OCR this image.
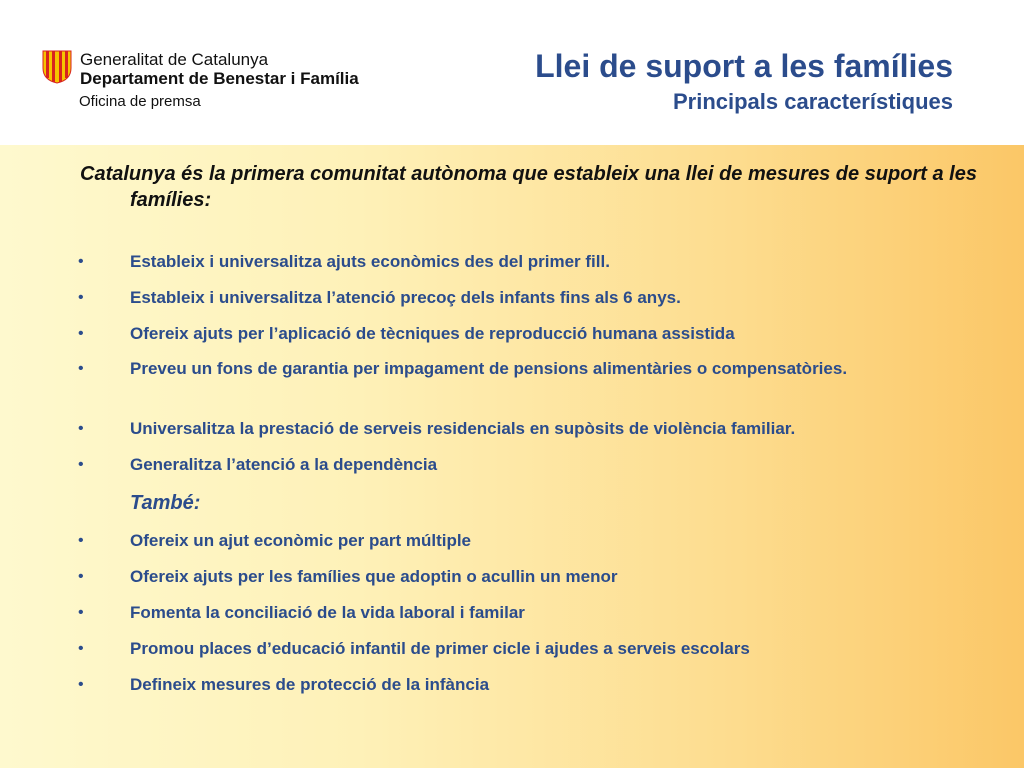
Generalitat de Catalunya
Departament de Benestar i Família
Oficina de premsa
Llei de suport a les famílies
Principals característiques
Catalunya és la primera comunitat autònoma que estableix una llei de mesures de suport a les famílies:
•	Estableix i universalitza ajuts econòmics des del primer fill.
•	Estableix i universalitza l’atenció precoç dels infants fins als 6 anys.
•	Ofereix ajuts per l’aplicació de tècniques de reproducció humana assistida
•	Preveu un fons de garantia per impagament de pensions alimentàries o compensatòries.
•	Universalitza la prestació de serveis residencials en supòsits de violència familiar.
•	Generalitza l’atenció a la dependència
També:
•	Ofereix un ajut econòmic per part múltiple
•	Ofereix ajuts per les famílies que adoptin o acullin un menor
•	Fomenta la conciliació de la vida laboral i familar
•	Promou places d’educació infantil de primer cicle i ajudes a serveis escolars
•	Defineix mesures de protecció de la infància
